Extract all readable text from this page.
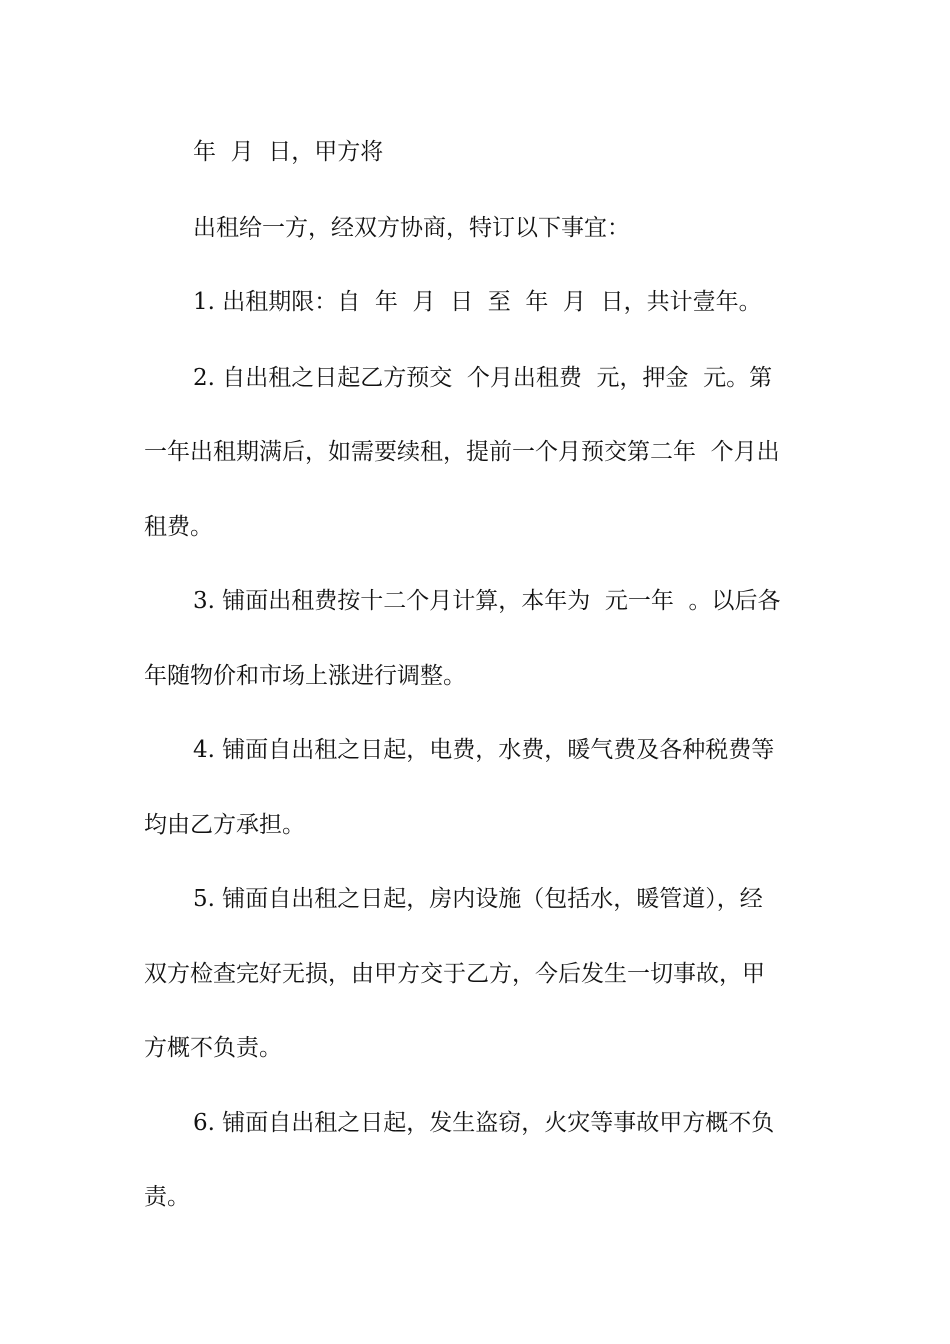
年  月  日，甲方将
出租给一方，经双方协商，特订以下事宜：
1. 出租期限：自  年  月  日  至  年  月  日，共计壹年。
2. 自出租之日起乙方预交  个月出租费  元，押金  元。第
一年出租期满后，如需要续租，提前一个月预交第二年  个月出
租费。
3. 铺面出租费按十二个月计算，本年为  元一年  。以后各
年随物价和市场上涨进行调整。
4. 铺面自出租之日起，电费，水费，暖气费及各种税费等
均由乙方承担。
5. 铺面自出租之日起，房内设施（包括水，暖管道），经
双方检查完好无损，由甲方交于乙方，今后发生一切事故，甲
方概不负责。
6. 铺面自出租之日起，发生盗窃，火灾等事故甲方概不负
责。
